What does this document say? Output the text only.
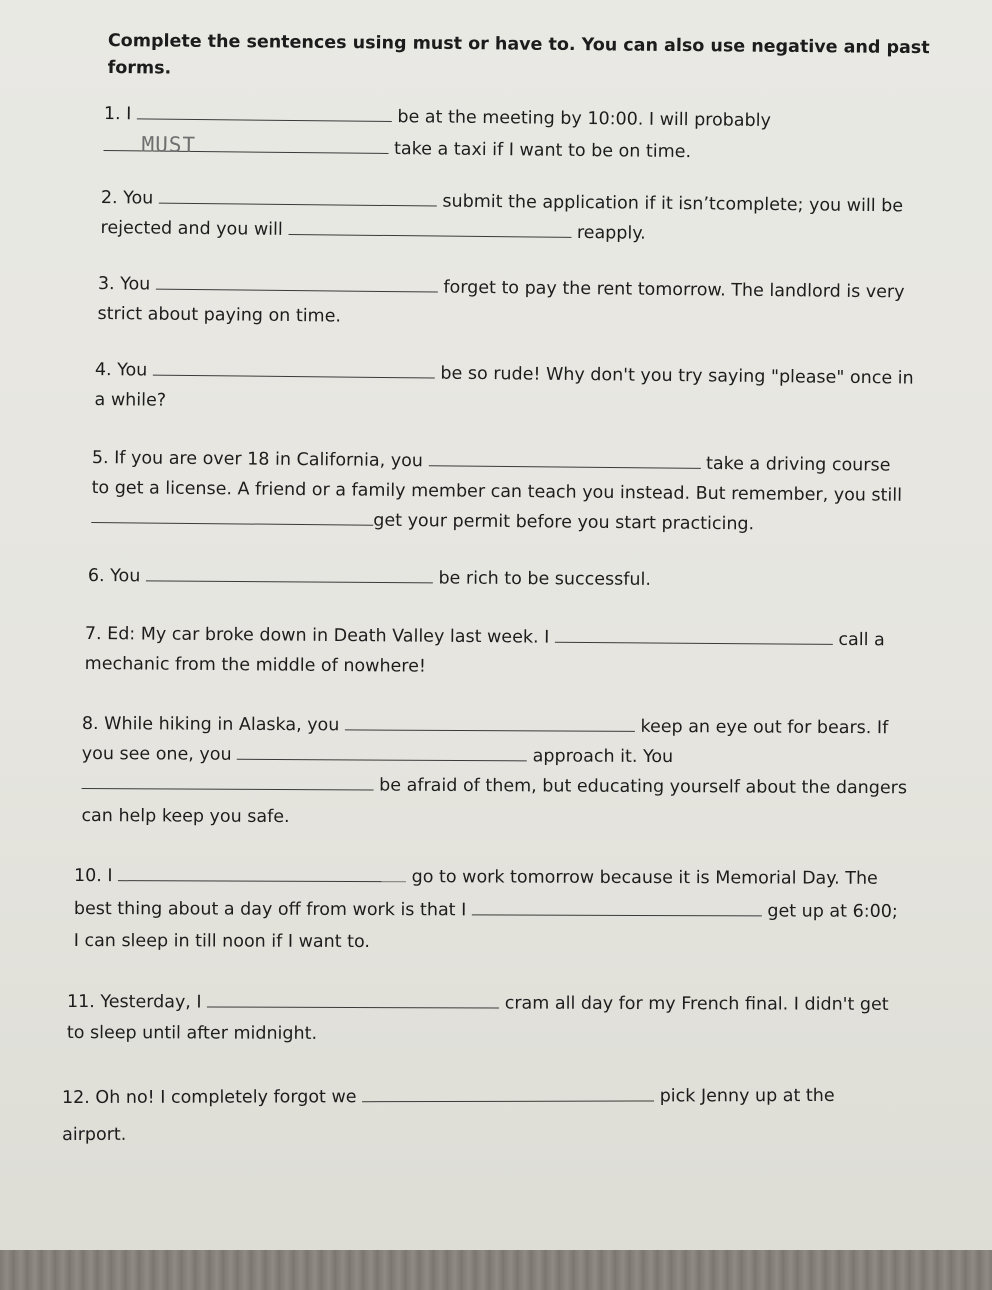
Complete the sentences using must or have to. You can also use negative and past forms.
1. I	be at the meeting by 10:00. I will probably
take a taxi if I want to be on time.
MUST
2. You	submit the application if it isn’tcomplete; you will be
rejected and you will	reapply.
3. You	forget to pay the rent tomorrow. The landlord is very
strict about paying on time.
4. You	be so rude! Why don't you try saying "please" once in
a while?
5. If you are over 18 in California, you	take a driving course
to get a license. A friend or a family member can teach you instead. But remember, you still
get your permit before you start practicing.
6. You	be rich to be successful.
7. Ed: My car broke down in Death Valley last week. I	call a
mechanic from the middle of nowhere!
8. While hiking in Alaska, you	keep an eye out for bears. If
you see one, you	approach it. You
be afraid of them, but educating yourself about the dangers
can help keep you safe.
10. I	go to work tomorrow because it is Memorial Day. The
best thing about a day off from work is that I	get up at 6:00;
I can sleep in till noon if I want to.
11. Yesterday, I	cram all day for my French final. I didn't get
to sleep until after midnight.
12. Oh no! I completely forgot we	pick Jenny up at the
airport.
